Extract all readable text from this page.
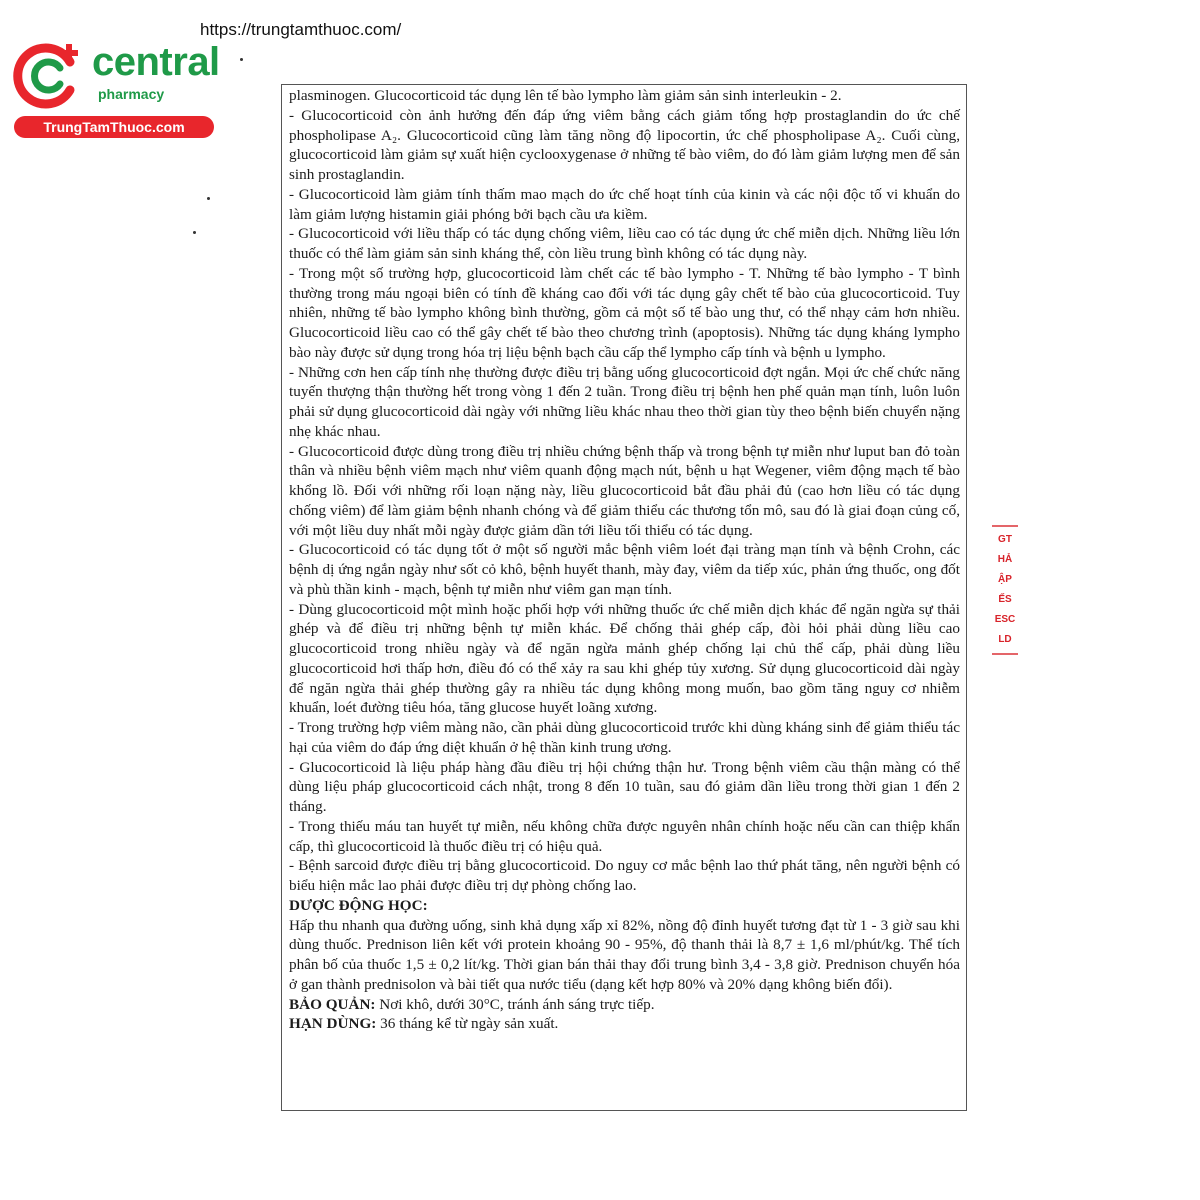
central
pharmacy
TrungTamThuoc.com
https://trungtamthuoc.com/

plasminogen. Glucocorticoid tác dụng lên tế bào lympho làm giảm sản sinh interleukin - 2.

- Glucocorticoid còn ảnh hưởng đến đáp ứng viêm bằng cách giảm tổng hợp prostaglandin do ức chế phospholipase A₂. Glucocorticoid cũng làm tăng nồng độ lipocortin, ức chế phospholipase A₂. Cuối cùng, glucocorticoid làm giảm sự xuất hiện cyclooxygenase ở những tế bào viêm, do đó làm giảm lượng men để sản sinh prostaglandin.

- Glucocorticoid làm giảm tính thấm mao mạch do ức chế hoạt tính của kinin và các nội độc tố vi khuẩn do làm giảm lượng histamin giải phóng bởi bạch cầu ưa kiềm.

- Glucocorticoid với liều thấp có tác dụng chống viêm, liều cao có tác dụng ức chế miễn dịch. Những liều lớn thuốc có thể làm giảm sản sinh kháng thể, còn liều trung bình không có tác dụng này.

- Trong một số trường hợp, glucocorticoid làm chết các tế bào lympho - T. Những tế bào lympho - T bình thường trong máu ngoại biên có tính đề kháng cao đối với tác dụng gây chết tế bào của glucocorticoid. Tuy nhiên, những tế bào lympho không bình thường, gồm cả một số tế bào ung thư, có thể nhạy cảm hơn nhiều. Glucocorticoid liều cao có thể gây chết tế bào theo chương trình (apoptosis). Những tác dụng kháng lympho bào này được sử dụng trong hóa trị liệu bệnh bạch cầu cấp thể lympho cấp tính và bệnh u lympho.

- Những cơn hen cấp tính nhẹ thường được điều trị bằng uống glucocorticoid đợt ngắn. Mọi ức chế chức năng tuyến thượng thận thường hết trong vòng 1 đến 2 tuần. Trong điều trị bệnh hen phế quản mạn tính, luôn luôn phải sử dụng glucocorticoid dài ngày với những liều khác nhau theo thời gian tùy theo bệnh biến chuyển nặng nhẹ khác nhau.

- Glucocorticoid được dùng trong điều trị nhiều chứng bệnh thấp và trong bệnh tự miễn như luput ban đỏ toàn thân và nhiều bệnh viêm mạch như viêm quanh động mạch nút, bệnh u hạt Wegener, viêm động mạch tế bào khổng lồ. Đối với những rối loạn nặng này, liều glucocorticoid bắt đầu phải đủ (cao hơn liều có tác dụng chống viêm) để làm giảm bệnh nhanh chóng và để giảm thiểu các thương tổn mô, sau đó là giai đoạn củng cố, với một liều duy nhất mỗi ngày được giảm dần tới liều tối thiểu có tác dụng.

- Glucocorticoid có tác dụng tốt ở một số người mắc bệnh viêm loét đại tràng mạn tính và bệnh Crohn, các bệnh dị ứng ngắn ngày như sốt cỏ khô, bệnh huyết thanh, mày đay, viêm da tiếp xúc, phản ứng thuốc, ong đốt và phù thần kinh - mạch, bệnh tự miễn như viêm gan mạn tính.

- Dùng glucocorticoid một mình hoặc phối hợp với những thuốc ức chế miễn dịch khác để ngăn ngừa sự thải ghép và để điều trị những bệnh tự miễn khác. Để chống thải ghép cấp, đòi hỏi phải dùng liều cao glucocorticoid trong nhiều ngày và để ngăn ngừa mảnh ghép chống lại chủ thể cấp, phải dùng liều glucocorticoid hơi thấp hơn, điều đó có thể xảy ra sau khi ghép tủy xương. Sử dụng glucocorticoid dài ngày để ngăn ngừa thải ghép thường gây ra nhiều tác dụng không mong muốn, bao gồm tăng nguy cơ nhiễm khuẩn, loét đường tiêu hóa, tăng glucose huyết loãng xương.

- Trong trường hợp viêm màng não, cần phải dùng glucocorticoid trước khi dùng kháng sinh để giảm thiểu tác hại của viêm do đáp ứng diệt khuẩn ở hệ thần kinh trung ương.

- Glucocorticoid là liệu pháp hàng đầu điều trị hội chứng thận hư. Trong bệnh viêm cầu thận màng có thể dùng liệu pháp glucocorticoid cách nhật, trong 8 đến 10 tuần, sau đó giảm dần liều trong thời gian 1 đến 2 tháng.

- Trong thiếu máu tan huyết tự miễn, nếu không chữa được nguyên nhân chính hoặc nếu cần can thiệp khẩn cấp, thì glucocorticoid là thuốc điều trị có hiệu quả.

- Bệnh sarcoid được điều trị bằng glucocorticoid. Do nguy cơ mắc bệnh lao thứ phát tăng, nên người bệnh có biểu hiện mắc lao phải được điều trị dự phòng chống lao.

DƯỢC ĐỘNG HỌC:

Hấp thu nhanh qua đường uống, sinh khả dụng xấp xỉ 82%, nồng độ đỉnh huyết tương đạt từ 1 - 3 giờ sau khi dùng thuốc. Prednison liên kết với protein khoảng 90 - 95%, độ thanh thải là 8,7 ± 1,6 ml/phút/kg. Thể tích phân bố của thuốc 1,5 ± 0,2 lít/kg. Thời gian bán thải thay đổi trung bình 3,4 - 3,8 giờ. Prednison chuyển hóa ở gan thành prednisolon và bài tiết qua nước tiểu (dạng kết hợp 80% và 20% dạng không biến đổi).

BẢO QUẢN: Nơi khô, dưới 30°C, tránh ánh sáng trực tiếp.

HẠN DÙNG: 36 tháng kể từ ngày sản xuất.

GT
HẢ
ẬP
ẾS
ESC
LD
